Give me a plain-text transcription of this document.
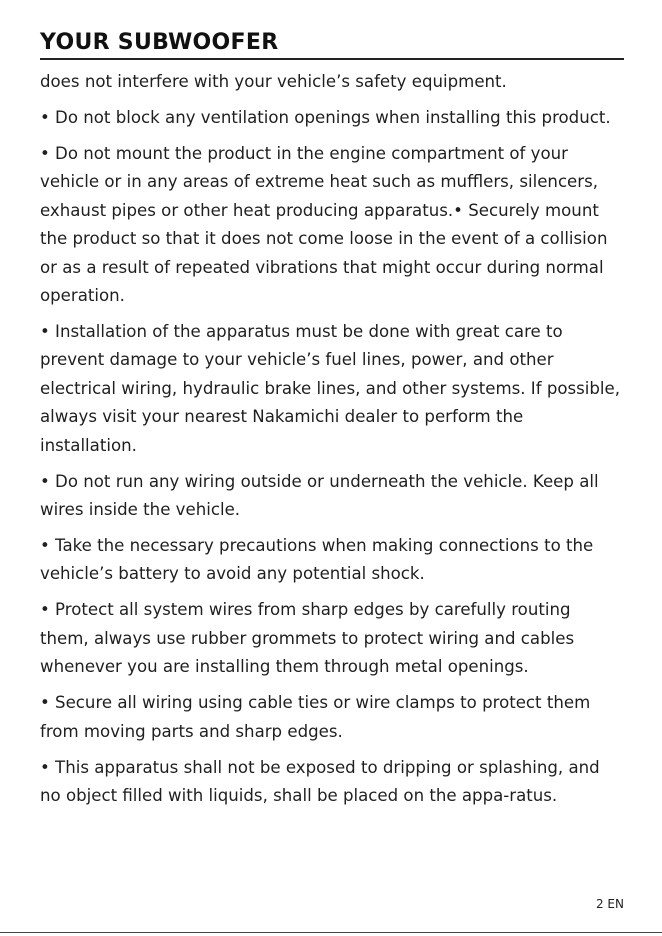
YOUR SUBWOOFER

does not interfere with your vehicle’s safety equipment.

• Do not block any ventilation openings when installing this product.

• Do not mount the product in the engine compartment of your vehicle or in any areas of extreme heat such as mufflers, silencers, exhaust pipes or other heat producing apparatus.• Securely mount the product so that it does not come loose in the event of a collision or as a result of repeated vibrations that might occur during normal operation.

• Installation of the apparatus must be done with great care to prevent damage to your vehicle’s fuel lines, power, and other electrical wiring, hydraulic brake lines, and other systems. If possible, always visit your nearest Nakamichi dealer to perform the installation.

• Do not run any wiring outside or underneath the vehicle. Keep all wires inside the vehicle.

• Take the necessary precautions when making connections to the vehicle’s battery to avoid any potential shock.

• Protect all system wires from sharp edges by carefully routing them, always use rubber grommets to protect wiring and cables whenever you are installing them through metal openings.

• Secure all wiring using cable ties or wire clamps to protect them from moving parts and sharp edges.

• This apparatus shall not be exposed to dripping or splashing, and no object filled with liquids, shall be placed on the appa-ratus.

2 EN
